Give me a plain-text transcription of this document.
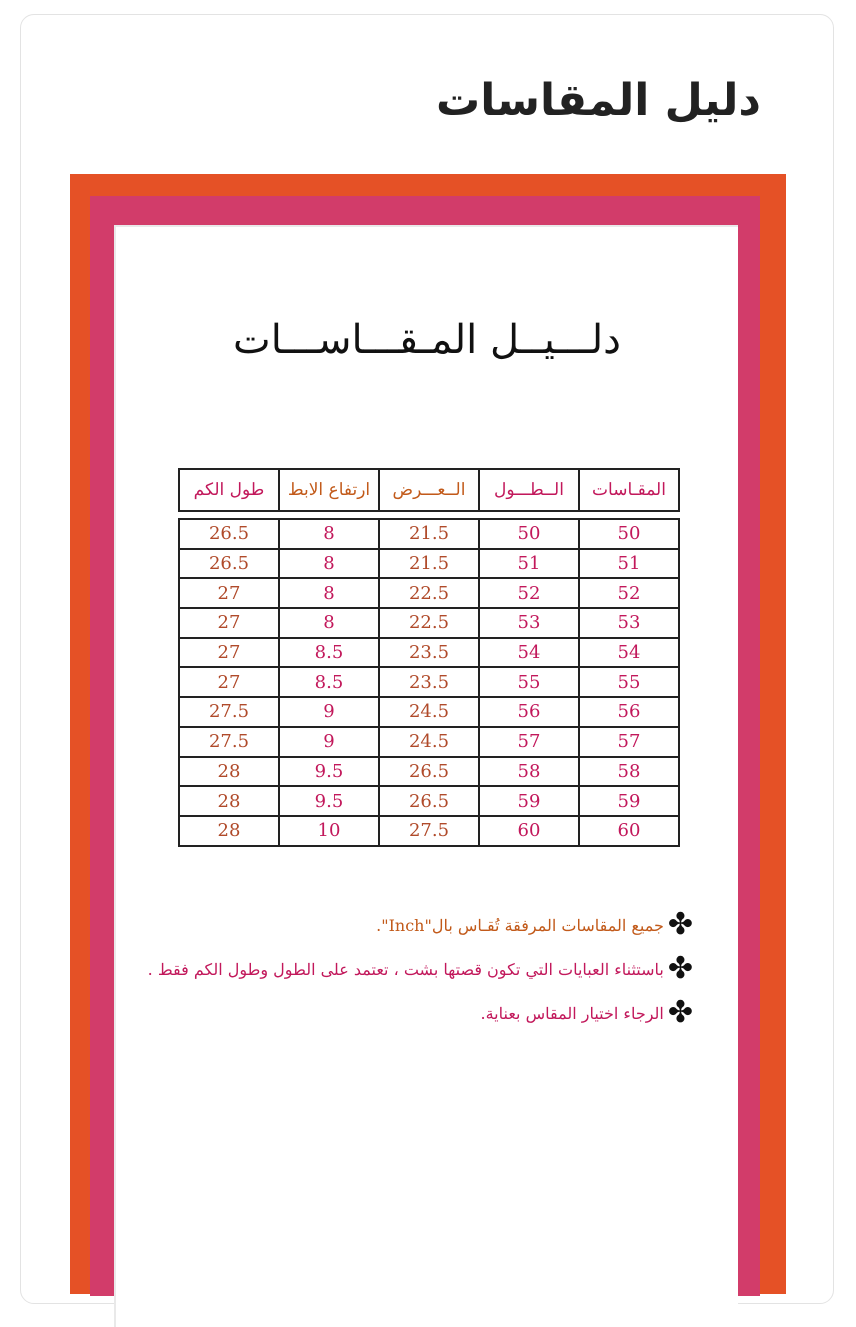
دليل المقاسات
دلـــيــل المـقـــاســـات
المقـاسات	الــطـــول	الــعـــرض	ارتفاع الابط	طول الكم
50	50	21.5	8	26.5
51	51	21.5	8	26.5
52	52	22.5	8	27
53	53	22.5	8	27
54	54	23.5	8.5	27
55	55	23.5	8.5	27
56	56	24.5	9	27.5
57	57	24.5	9	27.5
58	58	26.5	9.5	28
59	59	26.5	9.5	28
60	60	27.5	10	28
✤
جميع المقاسات المرفقة تُقـاس بال"Inch".
✤
باستثناء العبايات التي تكون قصتها بشت ، تعتمد على الطول وطول الكم فقط .
✤
الرجاء اختيار المقاس بعناية.
